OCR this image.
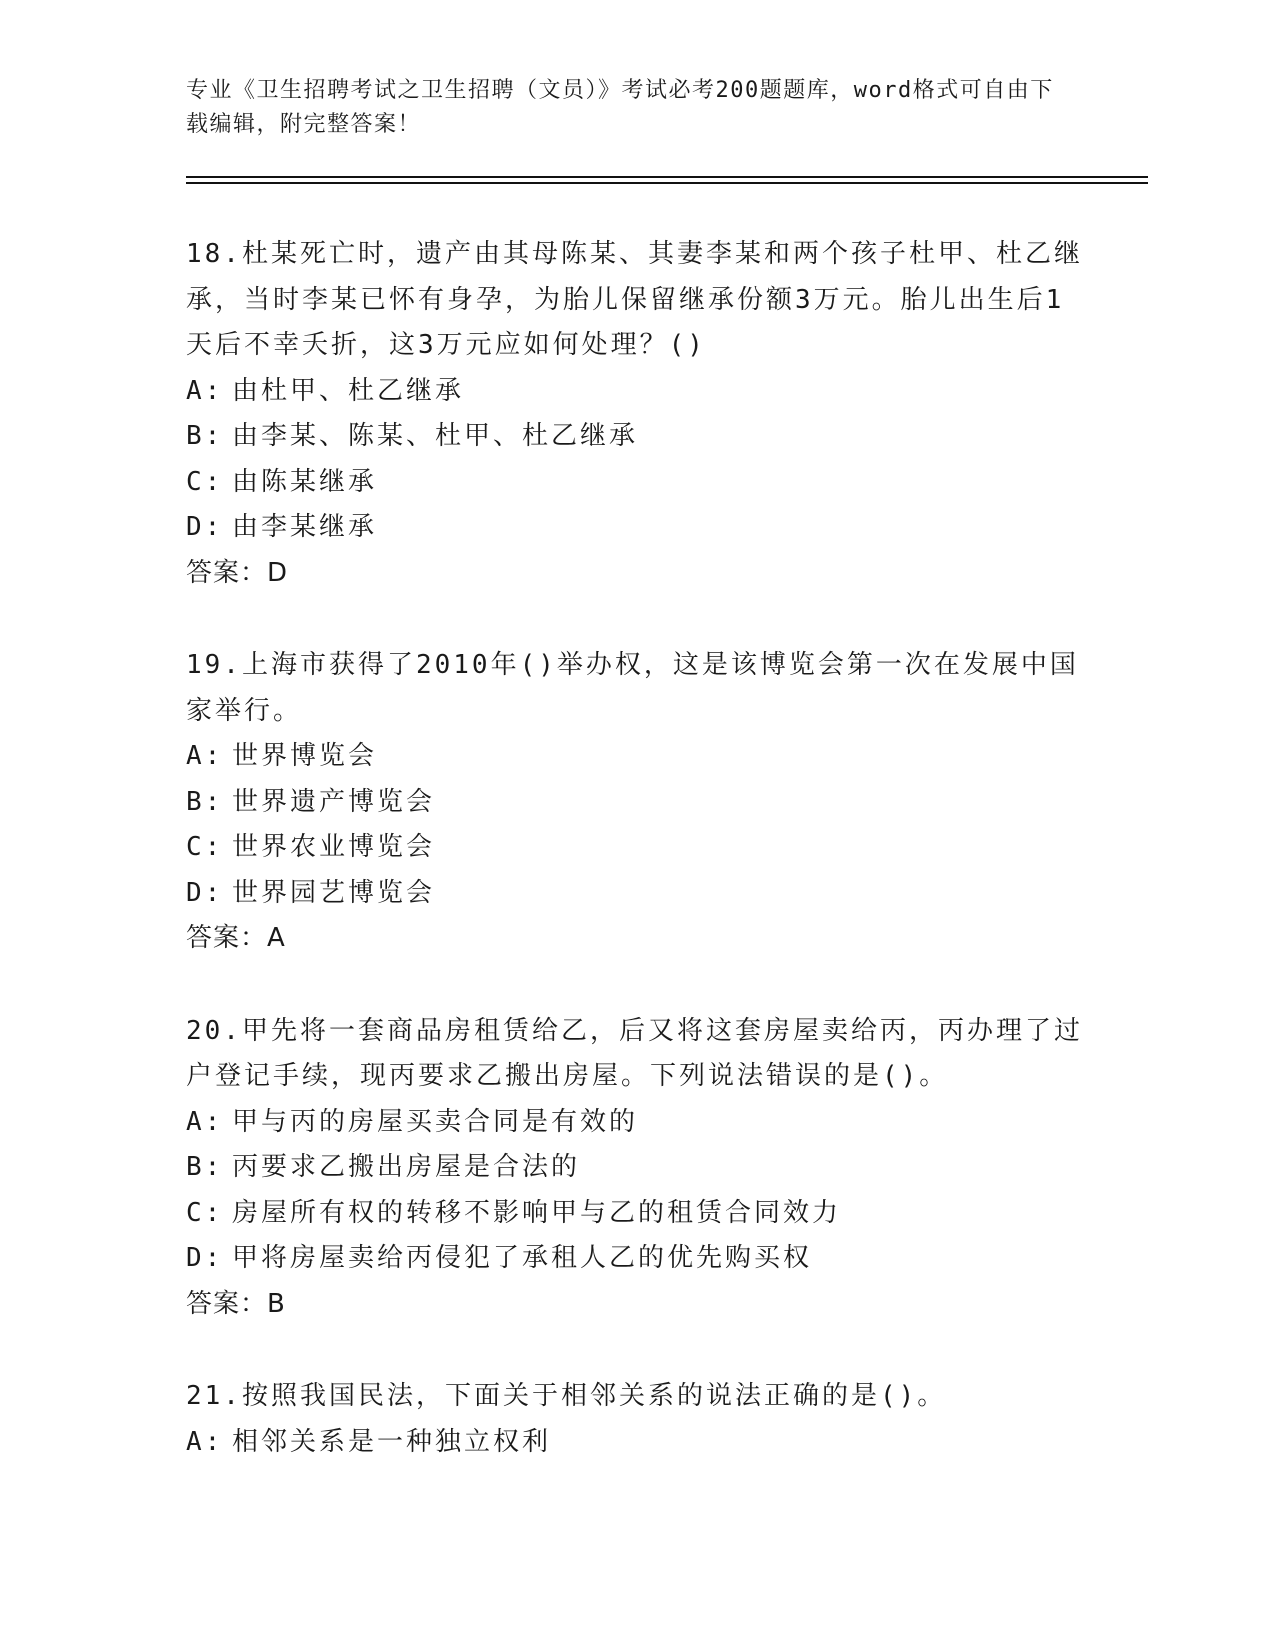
专业《卫生招聘考试之卫生招聘（文员）》考试必考200题题库，word格式可自由下载编辑，附完整答案！

18.杜某死亡时，遗产由其母陈某、其妻李某和两个孩子杜甲、杜乙继承，当时李某已怀有身孕，为胎儿保留继承份额3万元。胎儿出生后1天后不幸夭折，这3万元应如何处理？()

A: 由杜甲、杜乙继承

B: 由李某、陈某、杜甲、杜乙继承

C: 由陈某继承

D: 由李某继承

答案：D

19.上海市获得了2010年()举办权，这是该博览会第一次在发展中国家举行。

A: 世界博览会

B: 世界遗产博览会

C: 世界农业博览会

D: 世界园艺博览会

答案：A

20.甲先将一套商品房租赁给乙，后又将这套房屋卖给丙，丙办理了过户登记手续，现丙要求乙搬出房屋。下列说法错误的是()。

A: 甲与丙的房屋买卖合同是有效的

B: 丙要求乙搬出房屋是合法的

C: 房屋所有权的转移不影响甲与乙的租赁合同效力

D: 甲将房屋卖给丙侵犯了承租人乙的优先购买权

答案：B

21.按照我国民法，下面关于相邻关系的说法正确的是()。

A: 相邻关系是一种独立权利
